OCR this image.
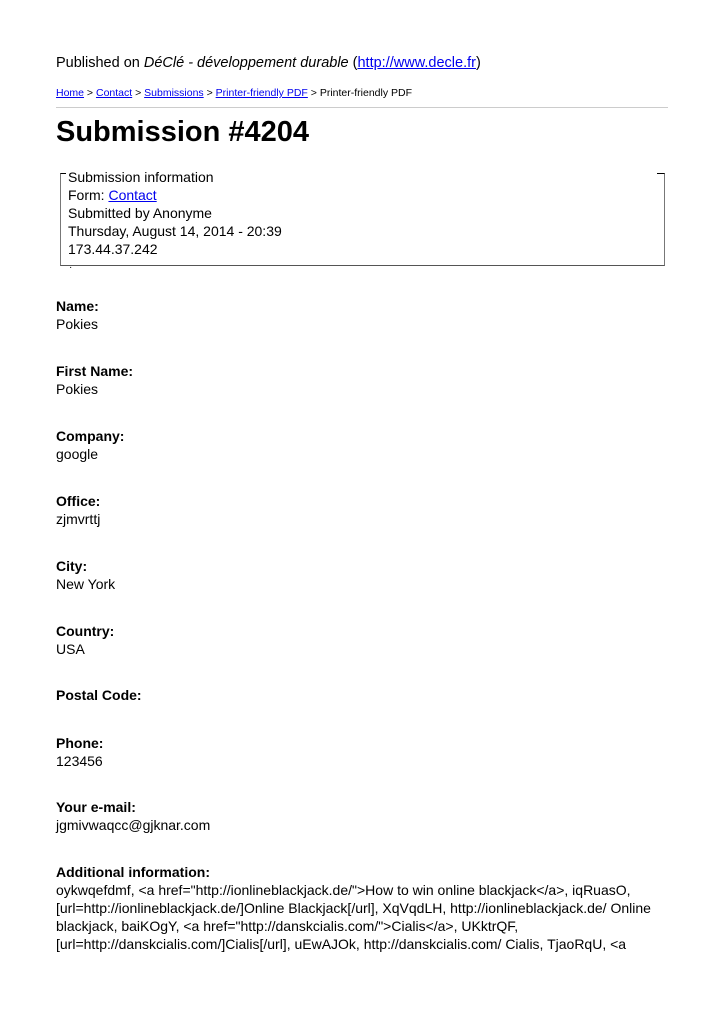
Published on DéClé - développement durable (http://www.decle.fr)
Home > Contact > Submissions > Printer-friendly PDF > Printer-friendly PDF
Submission #4204
Submission information
Form: Contact
Submitted by Anonyme
Thursday, August 14, 2014 - 20:39
173.44.37.242
·
Name:
Pokies
First Name:
Pokies
Company:
google
Office:
zjmvrttj
City:
New York
Country:
USA
Postal Code:
Phone:
123456
Your e-mail:
jgmivwaqcc@gjknar.com
Additional information:
oykwqefdmf, <a href="http://ionlineblackjack.de/">How to win online blackjack</a>, iqRuasO, [url=http://ionlineblackjack.de/]Online Blackjack[/url], XqVqdLH, http://ionlineblackjack.de/ Online blackjack, baiKOgY, <a href="http://danskcialis.com/">Cialis</a>, UKktrQF, [url=http://danskcialis.com/]Cialis[/url], uEwAJOk, http://danskcialis.com/ Cialis, TjaoRqU, <a
